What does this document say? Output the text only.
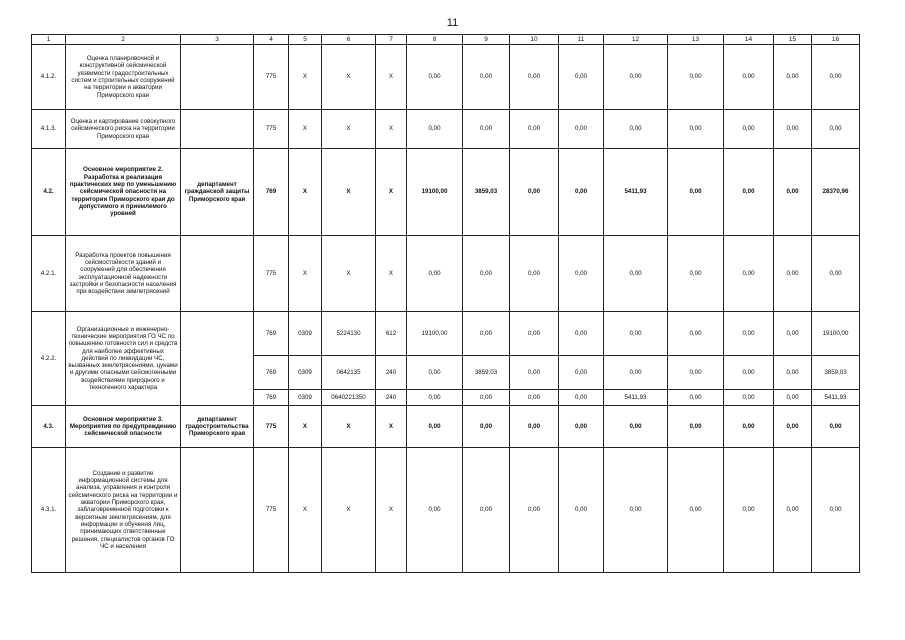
11
1	2	3	4	5	6	7	8	9	10	11	12	13	14	15	16
4.1.2.	Оценка планировочной и конструктивной сейсмической уязвимости градостроительных систем и строительных сооружений на территории и акватории Приморского края		775	X	X	X	0,00	0,00	0,00	0,00	0,00	0,00	0,00	0,00	0,00
4.1.3.	Оценка и картирование совокупного сейсмического риска на территории Приморского края		775	X	X	X	0,00	0,00	0,00	0,00	0,00	0,00	0,00	0,00	0,00
4.2.	Основное мероприятие 2. Разработка и реализация практических мер по уменьшению сейсмической опасности на территории Приморского края до допустимого и приемлемого уровней	департамент гражданской защиты Приморского края	769	X	X	X	19100,00	3859,03	0,00	0,00	5411,93	0,00	0,00	0,00	28370,96
4.2.1.	Разработка проектов повышения сейсмостойкости зданий и сооружений для обеспечения эксплуатационной надежности застройки и безопасности населения при воздействии землетрясений		775	X	X	X	0,00	0,00	0,00	0,00	0,00	0,00	0,00	0,00	0,00
4.2.2.	Организационные и инженерно-технические мероприятия ГО ЧС по повышению готовности сил и средств для наиболее эффективных действий по ликвидации ЧС, вызванных землетрясениями, цунами и другими опасными сейсмогенными воздействиями природного и техногенного характера		769	0309	5224130	612	19100,00	0,00	0,00	0,00	0,00	0,00	0,00	0,00	19100,00
			769	0309	0642135	240	0,00	3859,03	0,00	0,00	0,00	0,00	0,00	0,00	3859,03
			769	0309	0640221350	240	0,00	0,00	0,00	0,00	5411,93	0,00	0,00	0,00	5411,93
4.3.	Основное мероприятие 3. Мероприятия по предупреждению сейсмической опасности	департамент градостроительства Приморского края	775	X	X	X	0,00	0,00	0,00	0,00	0,00	0,00	0,00	0,00	0,00
4.3.1.	Создание и развитие информационной системы для анализа, управления и контроля сейсмического риска на территории и акватории Приморского края, заблаговременной подготовки к вероятным землетрясениям, для информации и обучения лиц, принимающих ответственные решения, специалистов органов ГО ЧС и населения		775	X	X	X	0,00	0,00	0,00	0,00	0,00	0,00	0,00	0,00	0,00
